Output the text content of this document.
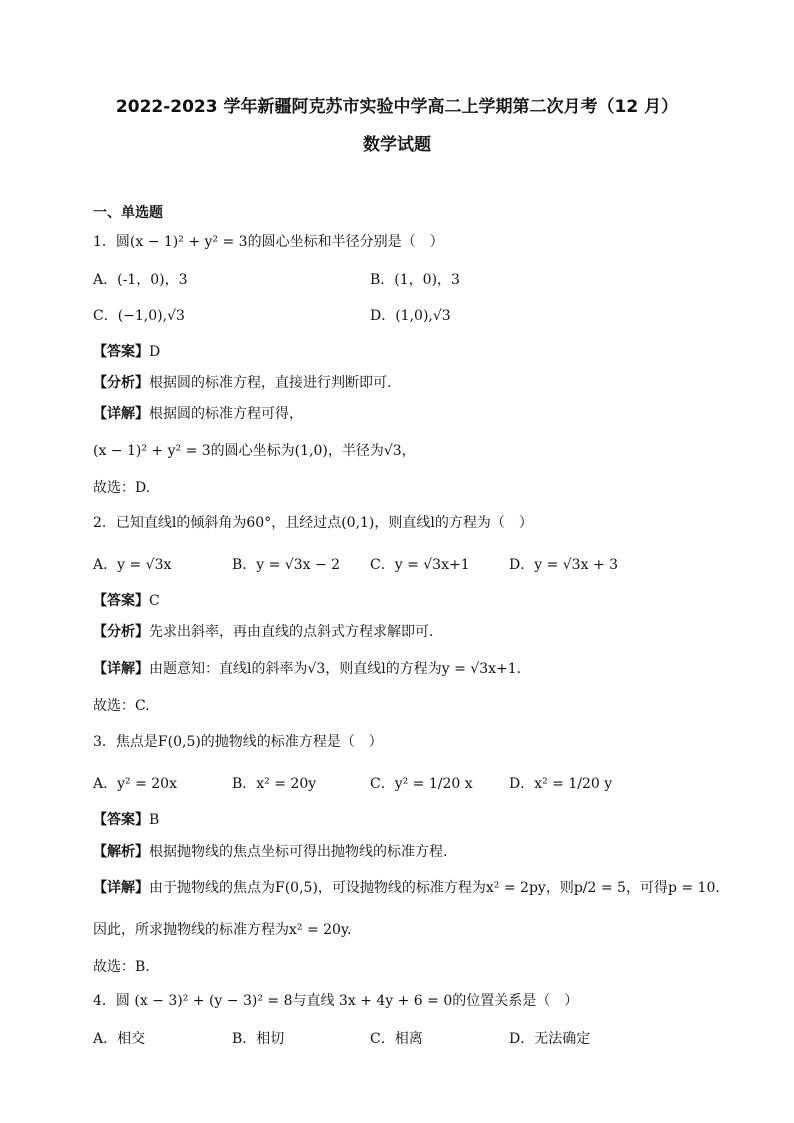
2022-2023 学年新疆阿克苏市实验中学高二上学期第二次月考（12 月）
数学试题
一、单选题
1．圆(x − 1)² + y² = 3的圆心坐标和半径分别是（　）
A．(-1，0)，3	B．(1，0)，3
C．(−1,0),√3	D．(1,0),√3
【答案】D
【分析】根据圆的标准方程，直接进行判断即可.
【详解】根据圆的标准方程可得，
(x − 1)² + y² = 3的圆心坐标为(1,0)，半径为√3，
故选：D.
2．已知直线l的倾斜角为60°，且经过点(0,1)，则直线l的方程为（　）
A．y = √3x	B．y = √3x − 2 C．y = √3x+1	D．y = √3x + 3
【答案】C
【分析】先求出斜率，再由直线的点斜式方程求解即可.
【详解】由题意知：直线l的斜率为√3，则直线l的方程为y = √3x+1.
故选：C.
3．焦点是F(0,5)的抛物线的标准方程是（　）
A．y² = 20x	B．x² = 20y	C．y² = 1/20 x	D．x² = 1/20 y
【答案】B
【解析】根据抛物线的焦点坐标可得出抛物线的标准方程.
【详解】由于抛物线的焦点为F(0,5)，可设抛物线的标准方程为x² = 2py，则p/2 = 5，可得p = 10.
因此，所求抛物线的标准方程为x² = 20y.
故选：B.
4．圆 (x − 3)² + (y − 3)² = 8与直线 3x + 4y + 6 = 0的位置关系是（　）
A．相交	B．相切	C．相离	D．无法确定
